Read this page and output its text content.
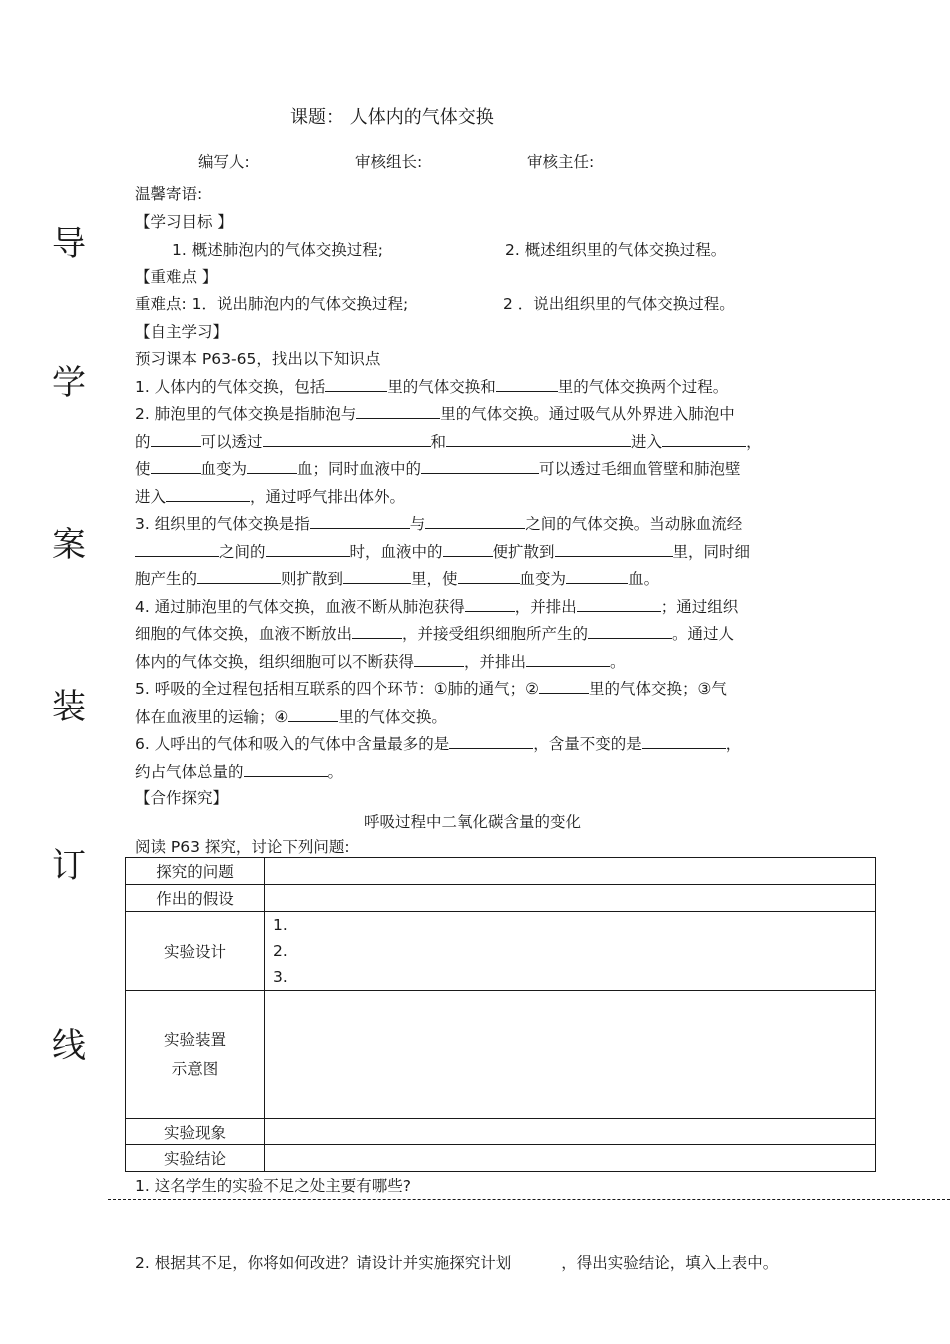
导
学
案
装
订
线
课题： 人体内的气体交换
编写人:	审核组长:	审核主任:
温馨寄语:
【学习目标 】
1. 概述肺泡内的气体交换过程;	2. 概述组织里的气体交换过程。
【重难点 】
重难点: 1．说出肺泡内的气体交换过程;	2 ．说出组织里的气体交换过程。
【自主学习】
预习课本 P63-65，找出以下知识点
1. 人体内的气体交换，包括	里的气体交换和	里的气体交换两个过程。
2. 肺泡里的气体交换是指肺泡与	里的气体交换。通过吸气从外界进入肺泡中
的	可以透过	和	进入	，
使	血变为	血；同时血液中的	可以透过毛细血管壁和肺泡壁
进入	，通过呼气排出体外。
3. 组织里的气体交换是指	与	之间的气体交换。当动脉血流经
之间的	时，血液中的	便扩散到	里，同时细
胞产生的	则扩散到	里，使	血变为	血。
4. 通过肺泡里的气体交换，血液不断从肺泡获得	，并排出	；通过组织
细胞的气体交换，血液不断放出	，并接受组织细胞所产生的	。通过人
体内的气体交换，组织细胞可以不断获得	，并排出	。
5. 呼吸的全过程包括相互联系的四个环节：①肺的通气；②	里的气体交换；③气
体在血液里的运输；④	里的气体交换。
6. 人呼出的气体和吸入的气体中含量最多的是	，含量不变的是	，
约占气体总量的	。
【合作探究】
呼吸过程中二氧化碳含量的变化
阅读 P63 探究，讨论下列问题:
探究的问题	
作出的假设	
实验设计	1.
2.
3.

实验装置
示意图	

实验现象	
实验结论	
1. 这名学生的实验不足之处主要有哪些?
2. 根据其不足，你将如何改进？请设计并实施探究计划	，得出实验结论，填入上表中。
